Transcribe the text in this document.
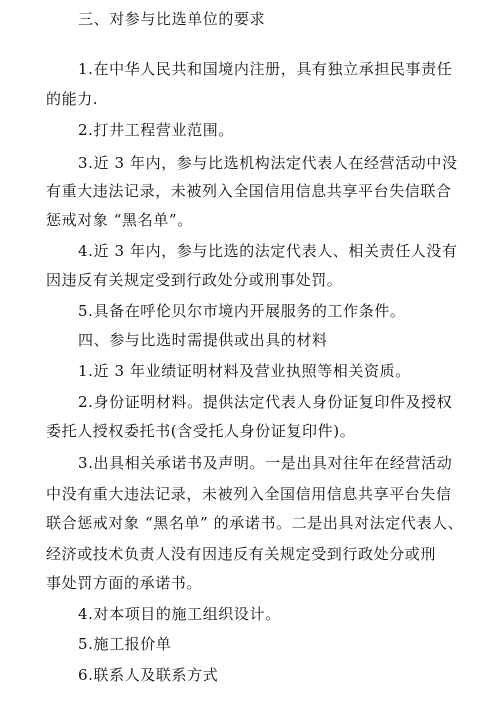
三、对参与比选单位的要求
1.在中华人民共和国境内注册，具有独立承担民事责任
的能力.
2.打井工程营业范围。
3.近 3 年内，参与比选机构法定代表人在经营活动中没
有重大违法记录，未被列入全国信用信息共享平台失信联合
惩戒对象 “黑名单”。
4.近 3 年内，参与比选的法定代表人、相关责任人没有
因违反有关规定受到行政处分或刑事处罚。
5.具备在呼伦贝尔市境内开展服务的工作条件。
四、参与比选时需提供或出具的材料
1.近 3 年业绩证明材料及营业执照等相关资质。
2.身份证明材料。提供法定代表人身份证复印件及授权
委托人授权委托书(含受托人身份证复印件)。
3.出具相关承诺书及声明。一是出具对往年在经营活动
中没有重大违法记录，未被列入全国信用信息共享平台失信
联合惩戒对象 “黑名单” 的承诺书。二是出具对法定代表人、
经济或技术负责人没有因违反有关规定受到行政处分或刑
事处罚方面的承诺书。
4.对本项目的施工组织设计。
5.施工报价单
6.联系人及联系方式
